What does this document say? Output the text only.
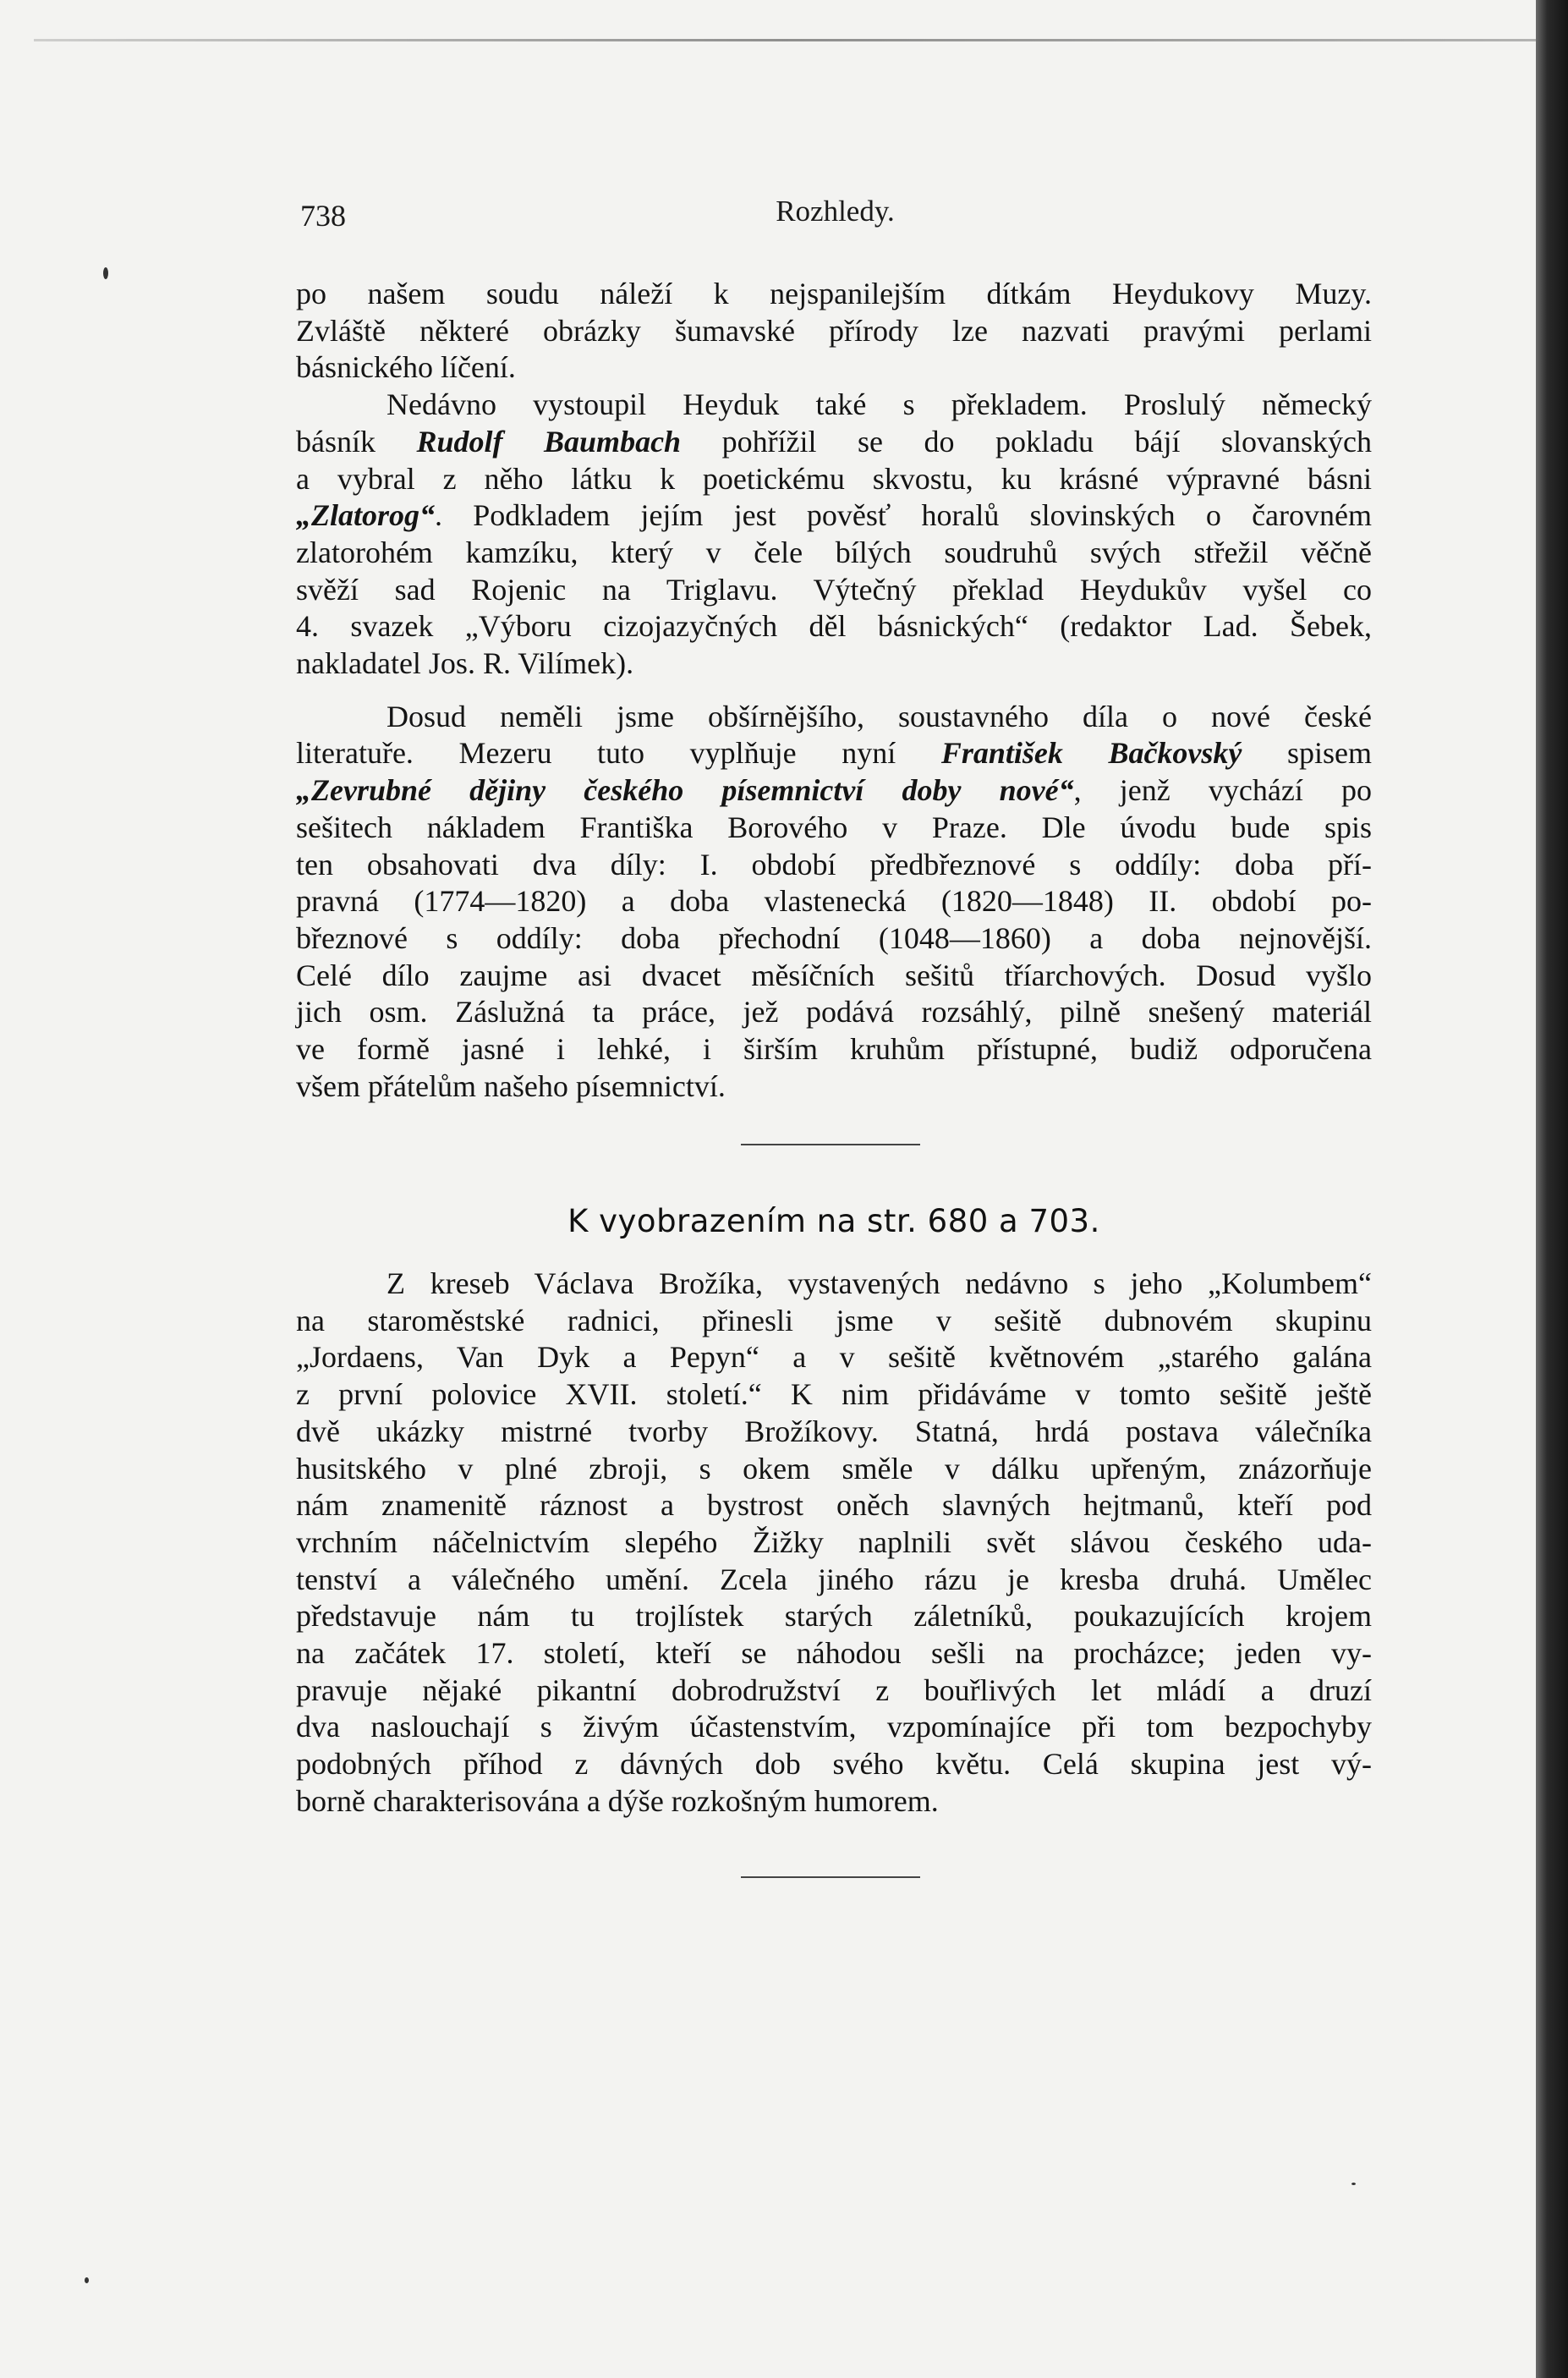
738	Rozhledy.

po našem soudu náleží k nejspanilejším dítkám Heydukovy Muzy.
Zvláště některé obrázky šumavské přírody lze nazvati pravými perlami
básnického líčení.

Nedávno vystoupil Heyduk také s překladem. Proslulý německý
básník Rudolf Baumbach pohřížil se do pokladu bájí slovanských
a vybral z něho látku k poetickému skvostu, ku krásné výpravné básni
„Zlatorog“. Podkladem jejím jest pověsť horalů slovinských o čarovném
zlatorohém kamzíku, který v čele bílých soudruhů svých střežil věčně
svěží sad Rojenic na Triglavu. Výtečný překlad Heydukův vyšel co
4. svazek „Výboru cizojazyčných děl básnických“ (redaktor Lad. Šebek,
nakladatel Jos. R. Vilímek).

Dosud neměli jsme obšírnějšího, soustavného díla o nové české
literatuře. Mezeru tuto vyplňuje nyní František Bačkovský spisem
„Zevrubné dějiny českého písemnictví doby nové“, jenž vychází po
sešitech nákladem Františka Borového v Praze. Dle úvodu bude spis
ten obsahovati dva díly: I. období předbřeznové s oddíly: doba pří-
pravná (1774—1820) a doba vlastenecká (1820—1848) II. období po-
březnové s oddíly: doba přechodní (1048—1860) a doba nejnovější.
Celé dílo zaujme asi dvacet měsíčních sešitů tříarchových. Dosud vyšlo
jich osm. Záslužná ta práce, jež podává rozsáhlý, pilně snešený materiál
ve formě jasné i lehké, i širším kruhům přístupné, budiž odporučena
všem přátelům našeho písemnictví.

K vyobrazením na str. 680 a 703.

Z kreseb Václava Brožíka, vystavených nedávno s jeho „Kolumbem“
na staroměstské radnici, přinesli jsme v sešitě dubnovém skupinu
„Jordaens, Van Dyk a Pepyn“ a v sešitě květnovém „starého galána
z první polovice XVII. století.“ K nim přidáváme v tomto sešitě ještě
dvě ukázky mistrné tvorby Brožíkovy. Statná, hrdá postava válečníka
husitského v plné zbroji, s okem směle v dálku upřeným, znázorňuje
nám znamenitě ráznost a bystrost oněch slavných hejtmanů, kteří pod
vrchním náčelnictvím slepého Žižky naplnili svět slávou českého uda-
tenství a válečného umění. Zcela jiného rázu je kresba druhá. Umělec
představuje nám tu trojlístek starých záletníků, poukazujících krojem
na začátek 17. století, kteří se náhodou sešli na procházce; jeden vy-
pravuje nějaké pikantní dobrodružství z bouřlivých let mládí a druzí
dva naslouchají s živým účastenstvím, vzpomínajíce při tom bezpochyby
podobných příhod z dávných dob svého květu. Celá skupina jest vý-
borně charakterisována a dýše rozkošným humorem.
